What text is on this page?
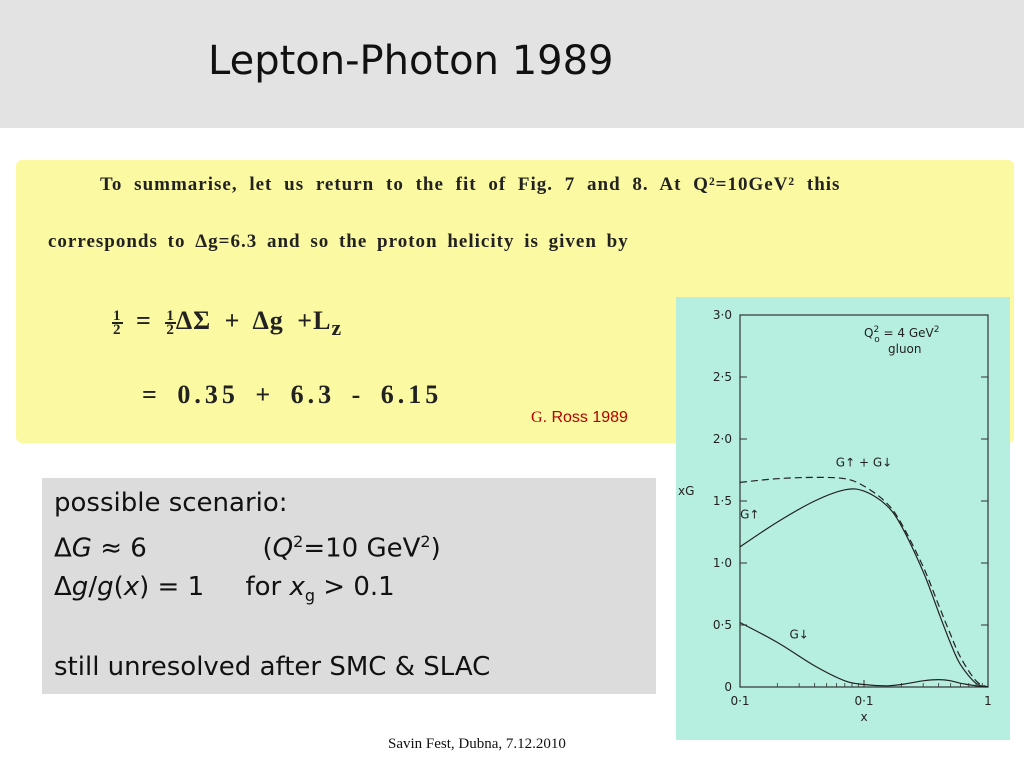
Lepton-Photon 1989
To summarise, let us return to the fit of Fig. 7 and 8. At Q²=10GeV² this
corresponds to Δg=6.3 and so the proton helicity is given by
$\frac{1}{2} = \frac{1}{2}$ $\Delta\Sigma + \Delta g +L_z$
= 0.35 + 6.3 - 6.15
G. Ross 1989
0
0·5
1·0
1·5
2·0
2·5
3·0
0·1	0·1	1
xG
x
G↑ + G↓
G↑
G↓
$Q^2$ o = 4 GeV$^2$
gluon
possible scenario:
ΔG ≈ 6              ($Q^2=10$ GeV$^2$)
Δg/g(x) = 1     for $x_g > 0.1$
still unresolved after SMC & SLAC
Savin Fest, Dubna, 7.12.2010
